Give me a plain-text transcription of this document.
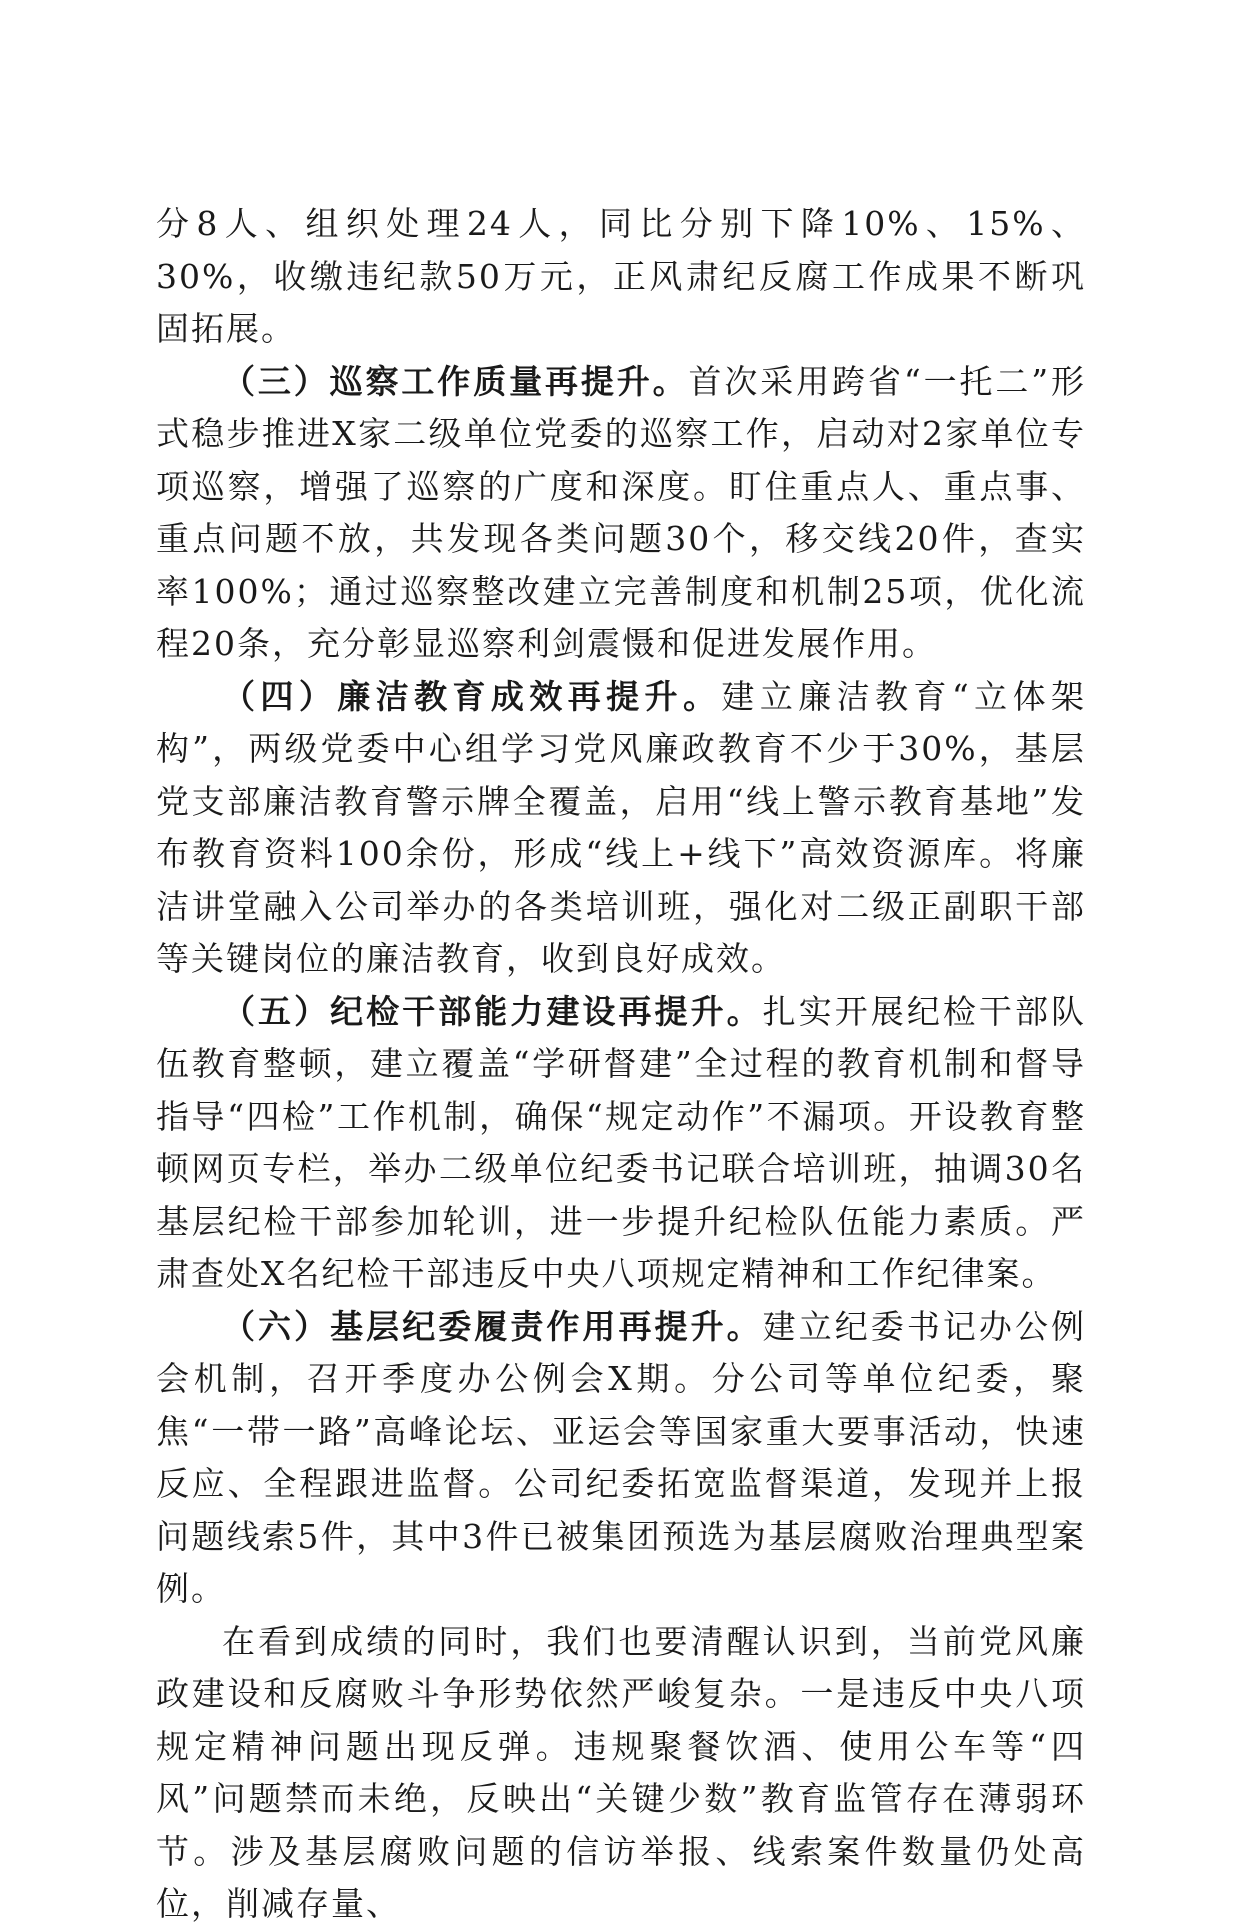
分8人、组织处理24人，同比分别下降10%、15%、30%，收缴违纪款50万元，正风肃纪反腐工作成果不断巩固拓展。

（三）巡察工作质量再提升。首次采用跨省“一托二”形式稳步推进X家二级单位党委的巡察工作，启动对2家单位专项巡察，增强了巡察的广度和深度。盯住重点人、重点事、重点问题不放，共发现各类问题30个，移交线20件，查实率100%；通过巡察整改建立完善制度和机制25项，优化流程20条，充分彰显巡察利剑震慑和促进发展作用。

（四）廉洁教育成效再提升。建立廉洁教育“立体架构”，两级党委中心组学习党风廉政教育不少于30%，基层党支部廉洁教育警示牌全覆盖，启用“线上警示教育基地”发布教育资料100余份，形成“线上+线下”高效资源库。将廉洁讲堂融入公司举办的各类培训班，强化对二级正副职干部等关键岗位的廉洁教育，收到良好成效。

（五）纪检干部能力建设再提升。扎实开展纪检干部队伍教育整顿，建立覆盖“学研督建”全过程的教育机制和督导指导“四检”工作机制，确保“规定动作”不漏项。开设教育整顿网页专栏，举办二级单位纪委书记联合培训班，抽调30名基层纪检干部参加轮训，进一步提升纪检队伍能力素质。严肃查处X名纪检干部违反中央八项规定精神和工作纪律案。

（六）基层纪委履责作用再提升。建立纪委书记办公例会机制，召开季度办公例会X期。分公司等单位纪委，聚焦“一带一路”高峰论坛、亚运会等国家重大要事活动，快速反应、全程跟进监督。公司纪委拓宽监督渠道，发现并上报问题线索5件，其中3件已被集团预选为基层腐败治理典型案例。

在看到成绩的同时，我们也要清醒认识到，当前党风廉政建设和反腐败斗争形势依然严峻复杂。一是违反中央八项规定精神问题出现反弹。违规聚餐饮酒、使用公车等“四风”问题禁而未绝，反映出“关键少数”教育监管存在薄弱环节。涉及基层腐败问题的信访举报、线索案件数量仍处高位，削减存量、
